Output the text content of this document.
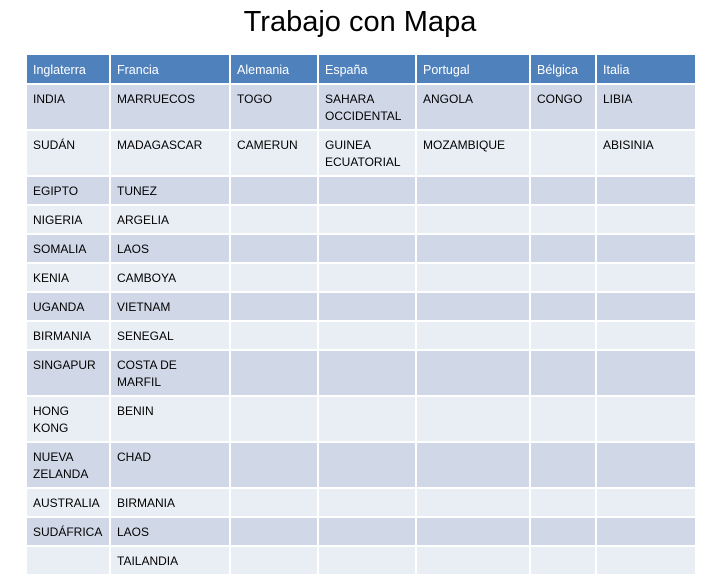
Trabajo con Mapa
Inglaterra	Francia	Alemania	España	Portugal	Bélgica	Italia
INDIA	MARRUECOS	TOGO	SAHARA OCCIDENTAL	ANGOLA	CONGO	LIBIA
SUDÁN	MADAGASCAR	CAMERUN	GUINEA ECUATORIAL	MOZAMBIQUE		ABISINIA
EGIPTO	TUNEZ					
NIGERIA	ARGELIA					
SOMALIA	LAOS					
KENIA	CAMBOYA					
UGANDA	VIETNAM					
BIRMANIA	SENEGAL					
SINGAPUR	COSTA DE MARFIL					
HONG KONG	BENIN					
NUEVA ZELANDA	CHAD					
AUSTRALIA	BIRMANIA					
SUDÁFRICA	LAOS					
	TAILANDIA					
